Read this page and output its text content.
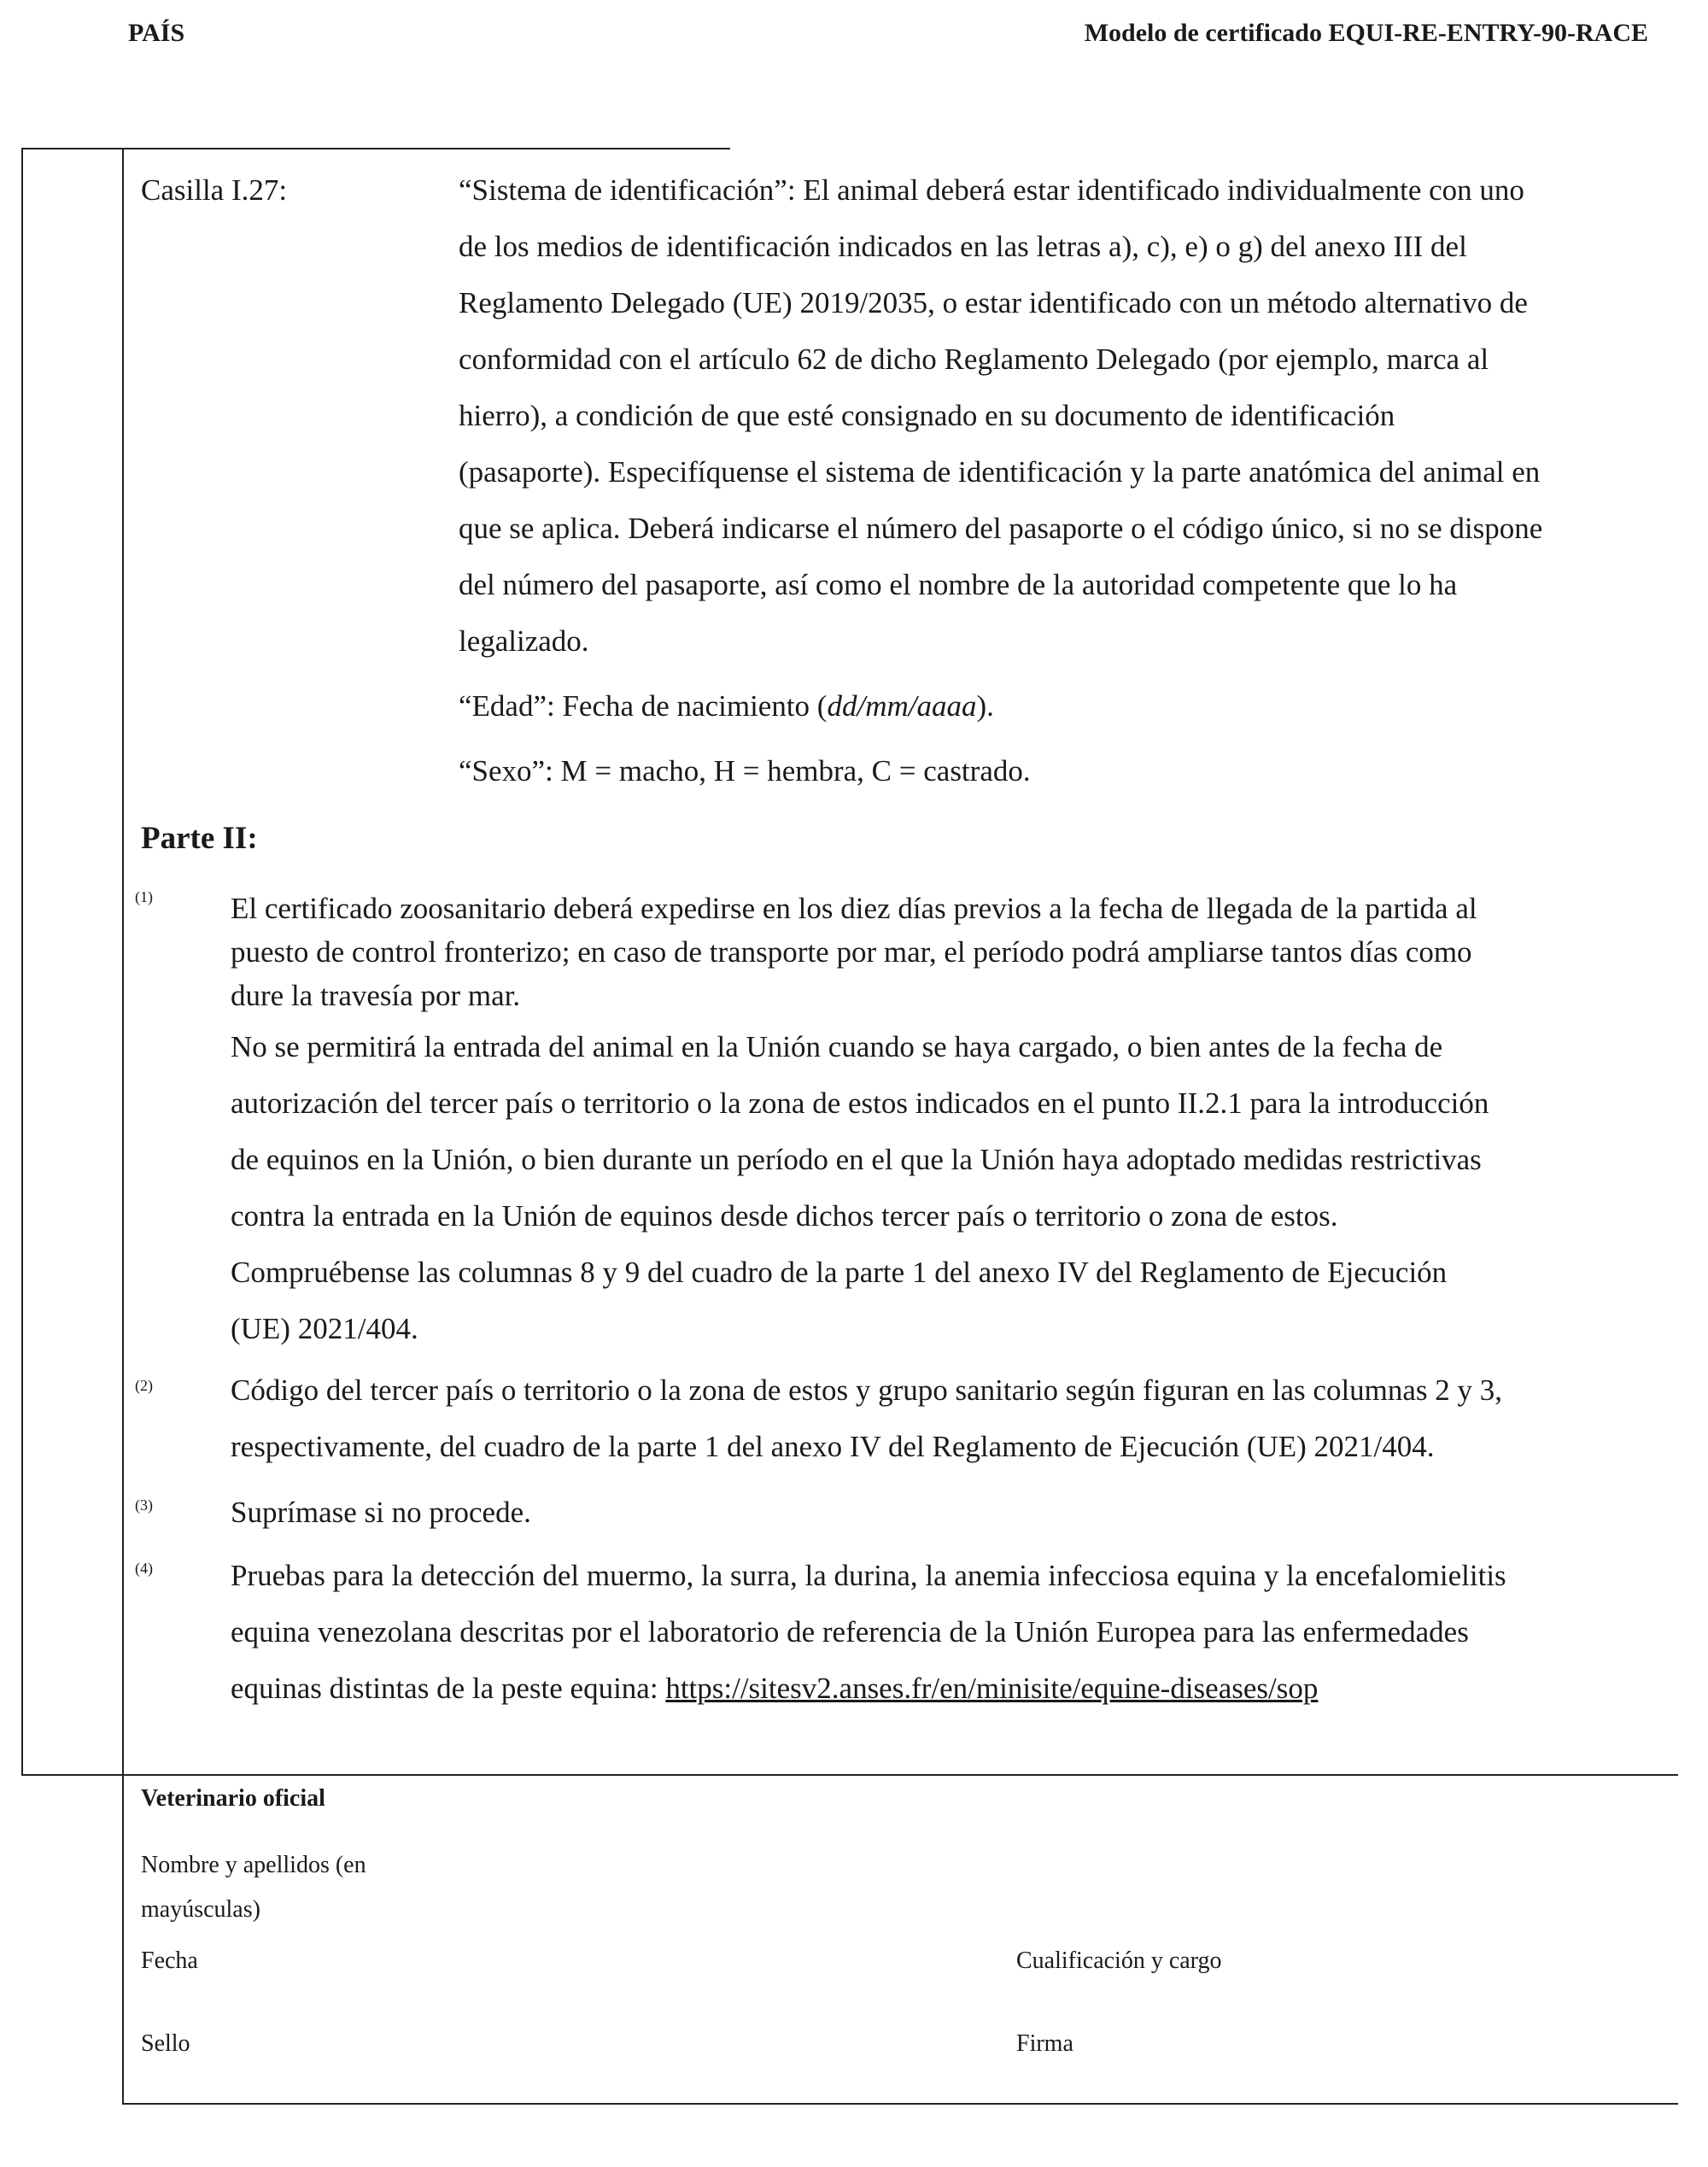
PAÍS	Modelo de certificado EQUI-RE-ENTRY-90-RACE
Casilla I.27:	“Sistema de identificación”: El animal deberá estar identificado individualmente con uno

de los medios de identificación indicados en las letras a), c), e) o g) del anexo III del

Reglamento Delegado (UE) 2019/2035, o estar identificado con un método alternativo de

conformidad con el artículo 62 de dicho Reglamento Delegado (por ejemplo, marca al

hierro), a condición de que esté consignado en su documento de identificación

(pasaporte). Especifíquense el sistema de identificación y la parte anatómica del animal en

que se aplica. Deberá indicarse el número del pasaporte o el código único, si no se dispone

del número del pasaporte, así como el nombre de la autoridad competente que lo ha

legalizado.

“Edad”: Fecha de nacimiento (dd/mm/aaaa).

“Sexo”: M = macho, H = hembra, C = castrado.

Parte II:
(1)	El certificado zoosanitario deberá expedirse en los diez días previos a la fecha de llegada de la partida al
puesto de control fronterizo; en caso de transporte por mar, el período podrá ampliarse tantos días como
dure la travesía por mar.
No se permitirá la entrada del animal en la Unión cuando se haya cargado, o bien antes de la fecha de
autorización del tercer país o territorio o la zona de estos indicados en el punto II.2.1 para la introducción
de equinos en la Unión, o bien durante un período en el que la Unión haya adoptado medidas restrictivas
contra la entrada en la Unión de equinos desde dichos tercer país o territorio o zona de estos.
Compruébense las columnas 8 y 9 del cuadro de la parte 1 del anexo IV del Reglamento de Ejecución
(UE) 2021/404.
(2)	Código del tercer país o territorio o la zona de estos y grupo sanitario según figuran en las columnas 2 y 3,
respectivamente, del cuadro de la parte 1 del anexo IV del Reglamento de Ejecución (UE) 2021/404.
(3)	Suprímase si no procede.
(4)	Pruebas para la detección del muermo, la surra, la durina, la anemia infecciosa equina y la encefalomielitis
equina venezolana descritas por el laboratorio de referencia de la Unión Europea para las enfermedades
equinas distintas de la peste equina: https://sitesv2.anses.fr/en/minisite/equine-diseases/sop
Veterinario oficial
Nombre y apellidos (en
mayúsculas)
Fecha	Cualificación y cargo
Sello	Firma
